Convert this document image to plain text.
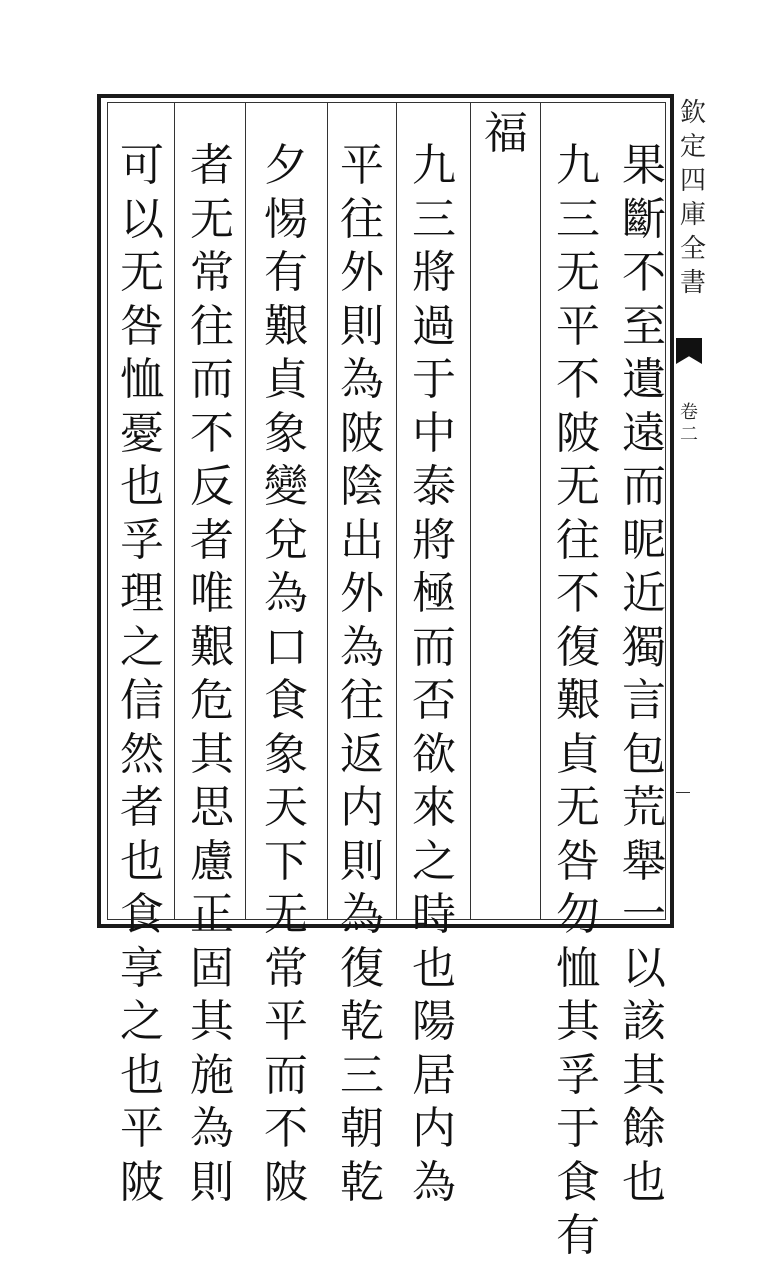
果
斷
不
至
遺
遠
而
昵
近
獨
言
包
荒
舉
一
以
該
其
餘
也
九
三
无
平
不
陂
无
往
不
復
艱
貞
无
咎
勿
恤
其
孚
于
食
有
福
九
三
將
過
于
中
泰
將
極
而
否
欲
來
之
時
也
陽
居
内
為
平
往
外
則
為
陂
陰
出
外
為
往
返
内
則
為
復
乾
三
朝
乾
夕
惕
有
艱
貞
象
變
兌
為
口
食
象
天
下
无
常
平
而
不
陂
者
无
常
往
而
不
反
者
唯
艱
危
其
思
慮
正
固
其
施
為
則
可
以
无
咎
恤
憂
也
孚
理
之
信
然
者
也
食
享
之
也
平
陂
欽
定
四
庫
全
書
卷
二
